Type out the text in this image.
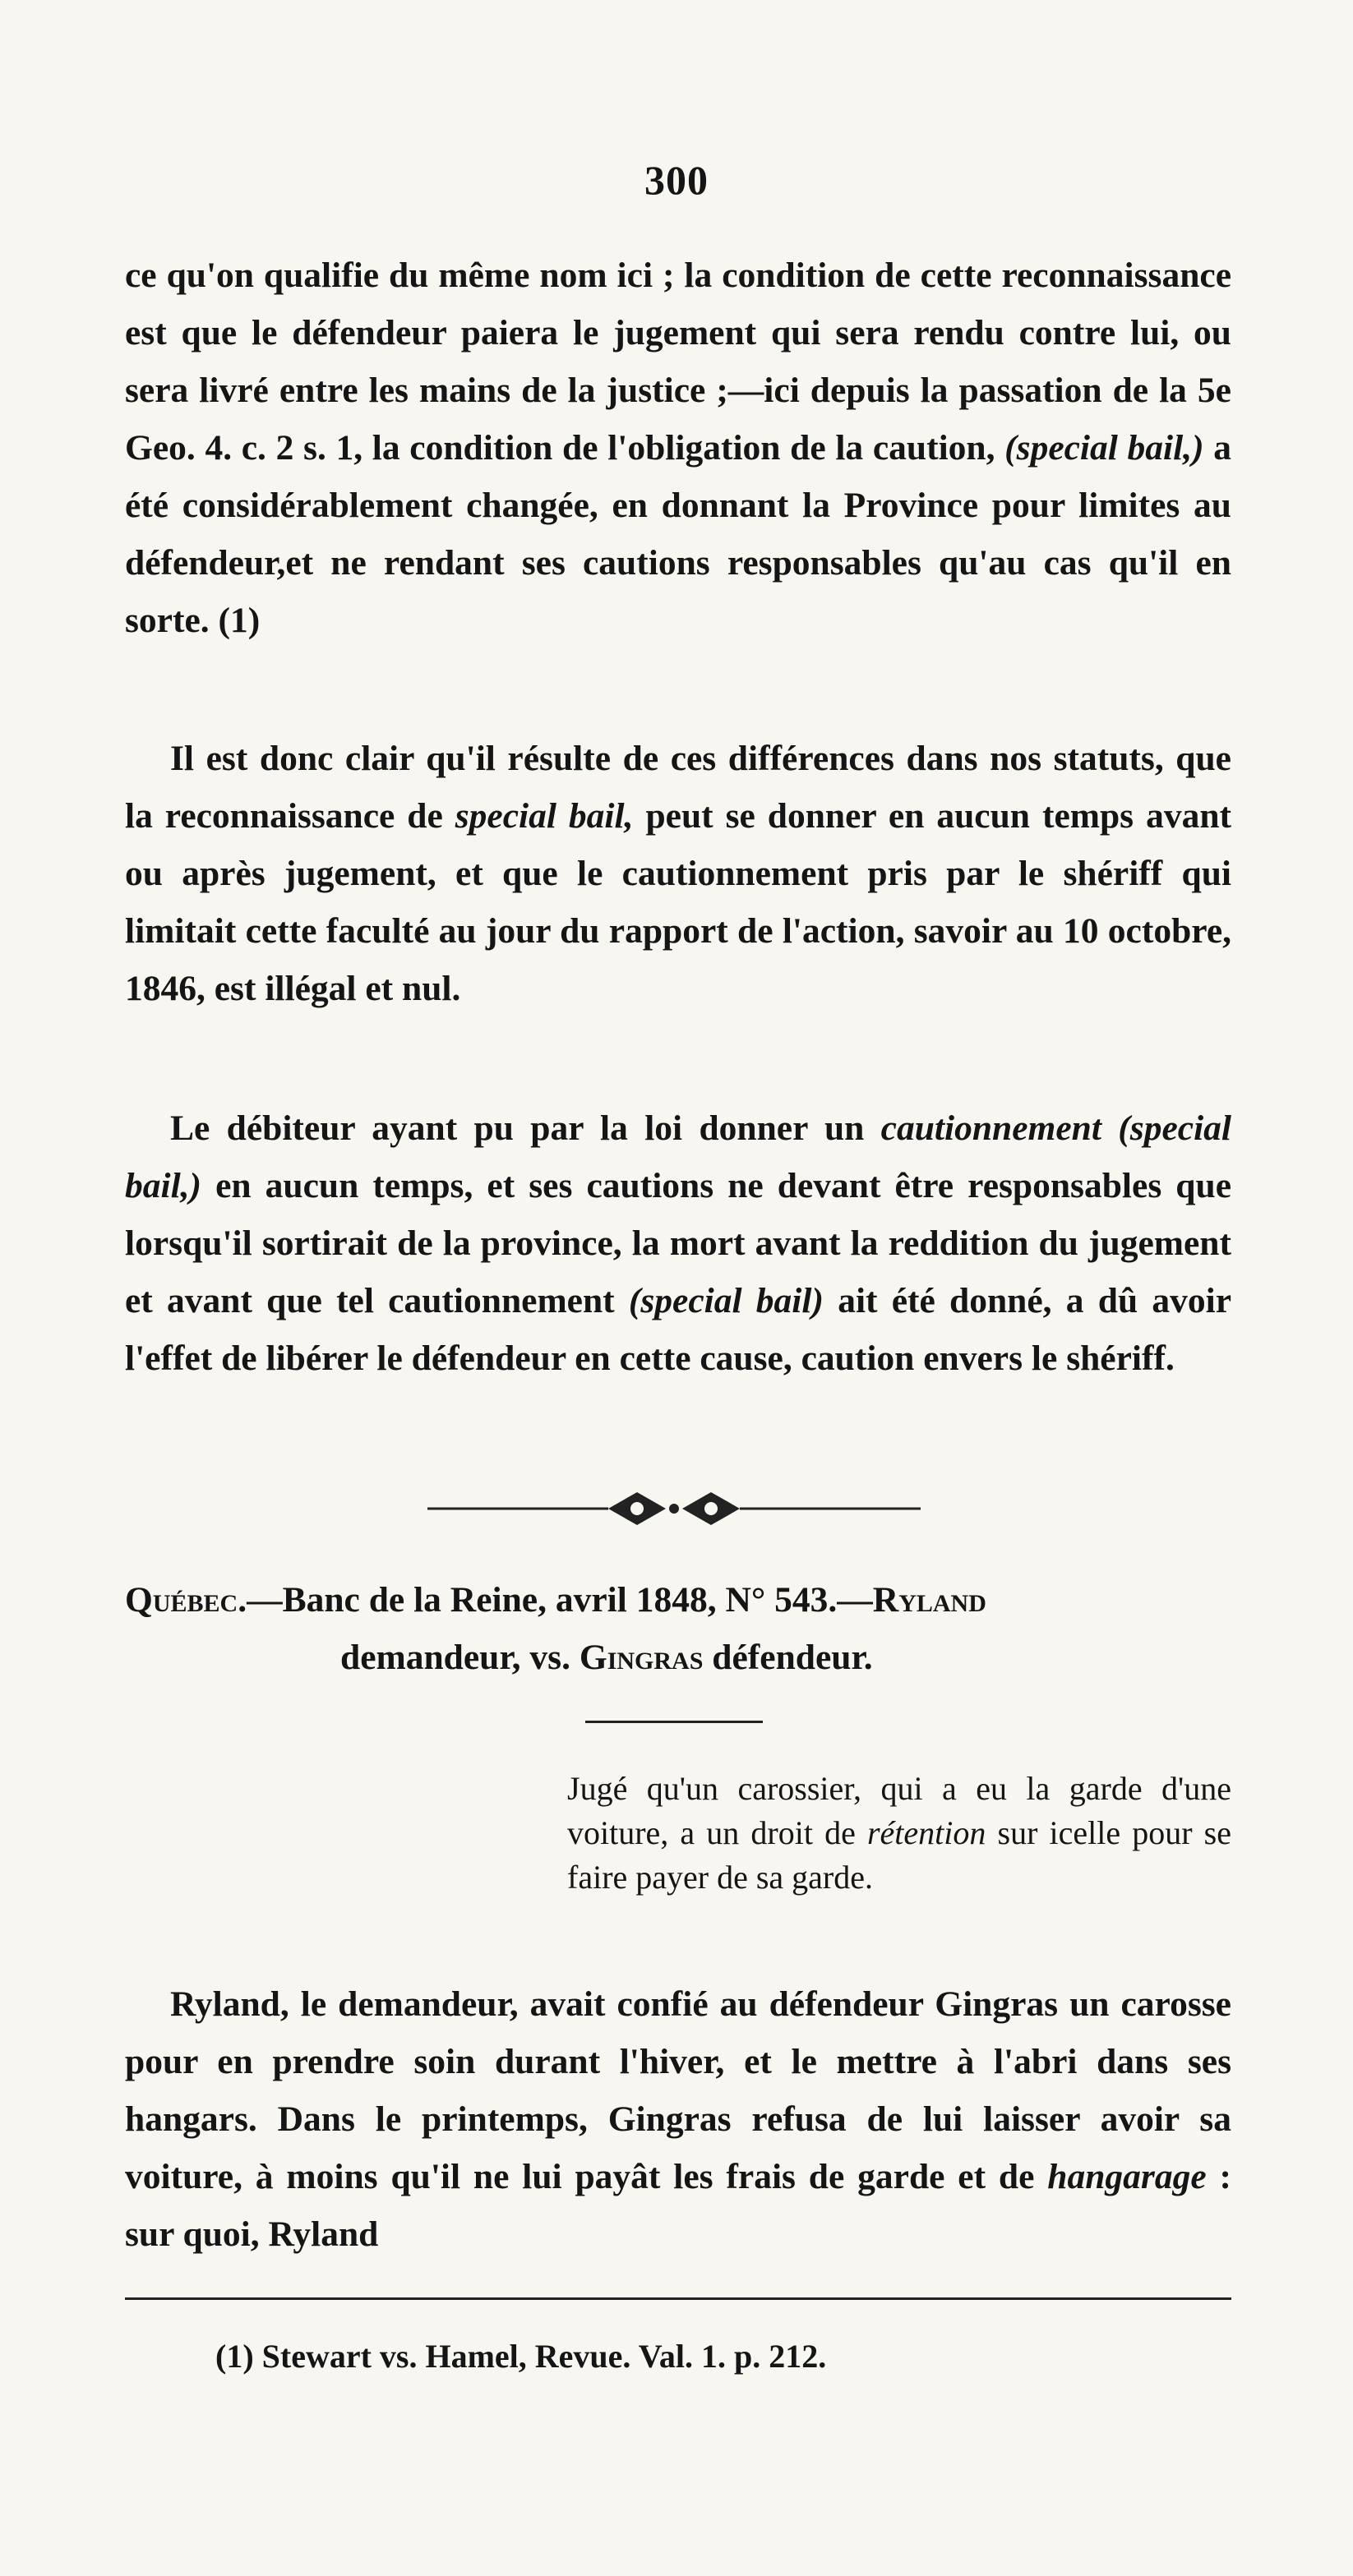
300
ce qu'on qualifie du même nom ici ; la condition de cette reconnaissance est que le défendeur paiera le jugement qui sera rendu contre lui, ou sera livré entre les mains de la justice ;—ici depuis la passation de la 5e Geo. 4. c. 2 s. 1, la condition de l'obligation de la caution, (special bail,) a été considérablement changée, en donnant la Province pour limites au défendeur,et ne rendant ses cautions responsables qu'au cas qu'il en sorte. (1)
Il est donc clair qu'il résulte de ces différences dans nos statuts, que la reconnaissance de special bail, peut se donner en aucun temps avant ou après jugement, et que le cautionnement pris par le shériff qui limitait cette faculté au jour du rapport de l'action, savoir au 10 octobre, 1846, est illégal et nul.
Le débiteur ayant pu par la loi donner un cautionnement (special bail,) en aucun temps, et ses cautions ne devant être responsables que lorsqu'il sortirait de la province, la mort avant la reddition du jugement et avant que tel cautionnement (special bail) ait été donné, a dû avoir l'effet de libérer le défendeur en cette cause, caution envers le shériff.
Québec.—Banc de la Reine, avril 1848, N° 543.—Ryland
demandeur, vs. Gingras défendeur.
Jugé qu'un carossier, qui a eu la garde d'une voiture, a un droit de rétention sur icelle pour se faire payer de sa garde.
Ryland, le demandeur, avait confié au défendeur Gingras un carosse pour en prendre soin durant l'hiver, et le mettre à l'abri dans ses hangars. Dans le printemps, Gingras refusa de lui laisser avoir sa voiture, à moins qu'il ne lui payât les frais de garde et de hangarage : sur quoi, Ryland
(1) Stewart vs. Hamel, Revue. Val. 1. p. 212.
